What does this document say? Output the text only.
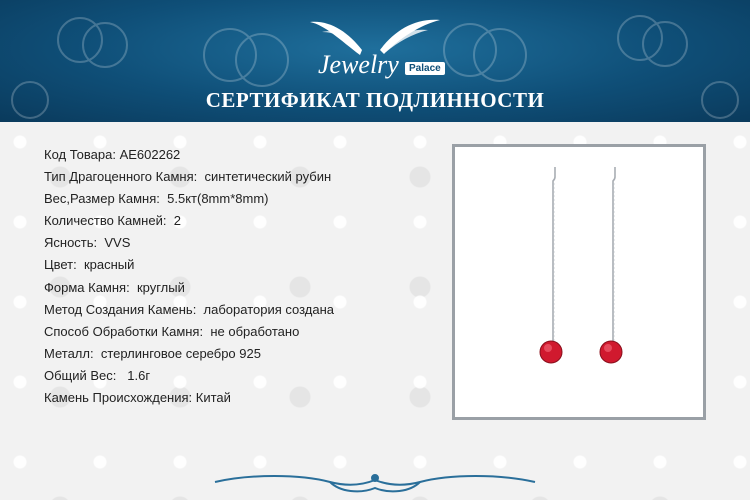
Jewelry	Palace
СЕРТИФИКАТ ПОДЛИННОСТИ
Код Товара: AE602262
Тип Драгоценного Камня: синтетический рубин
Вес,Размер Камня: 5.5кт(8mm*8mm)
Количество Камней: 2
Ясность: VVS
Цвет: красный
Форма Камня: круглый
Метод Создания Камень: лаборатория создана
Способ Обработки Камня: не обработано
Металл: стерлинговое серебро 925
Общий Вес: 1.6г
Камень Происхождения: Китай
